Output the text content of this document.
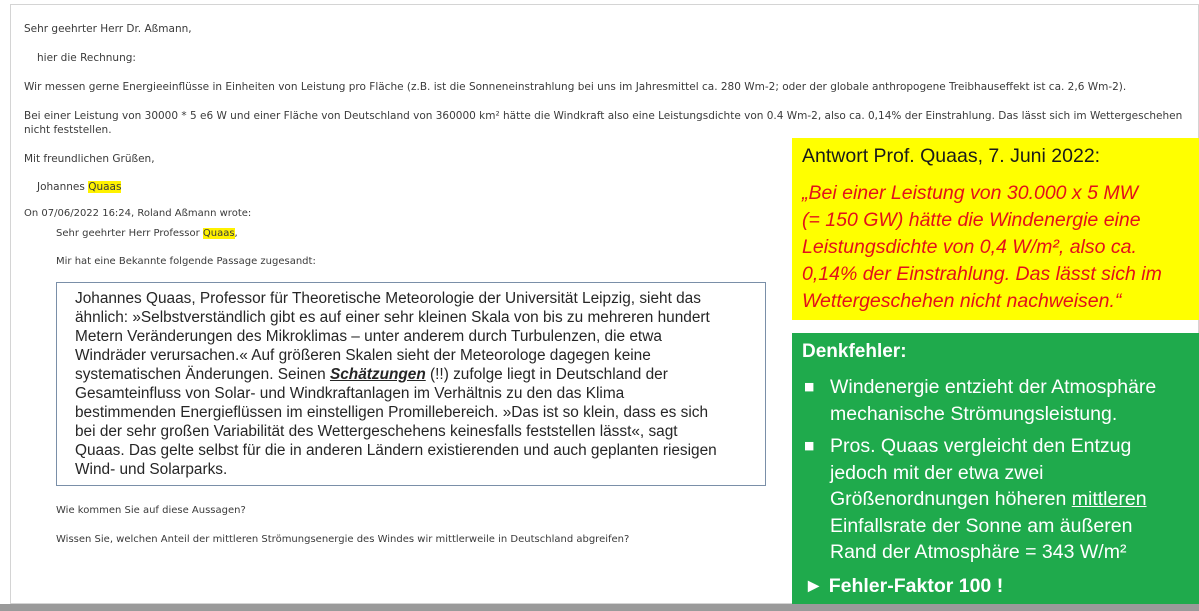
Sehr geehrter Herr Dr. Aßmann,
hier die Rechnung:
Wir messen gerne Energieeinflüsse in Einheiten von Leistung pro Fläche (z.B. ist die Sonneneinstrahlung bei uns im Jahresmittel ca. 280 Wm-2; oder der globale anthropogene Treibhauseffekt ist ca. 2,6 Wm-2).
Bei einer Leistung von 30000 * 5 e6 W und einer Fläche von Deutschland von 360000 km² hätte die Windkraft also eine Leistungsdichte von 0.4 Wm-2, also ca. 0,14% der Einstrahlung. Das lässt sich im Wettergeschehen
nicht feststellen.
Mit freundlichen Grüßen,
Johannes Quaas
On 07/06/2022 16:24, Roland Aßmann wrote:
Sehr geehrter Herr Professor Quaas,
Mir hat eine Bekannte folgende Passage zugesandt:

Johannes Quaas, Professor für Theoretische Meteorologie der Universität Leipzig, sieht das

ähnlich: »Selbstverständlich gibt es auf einer sehr kleinen Skala von bis zu mehreren hundert

Metern Veränderungen des Mikroklimas – unter anderem durch Turbulenzen, die etwa

Windräder verursachen.« Auf größeren Skalen sieht der Meteorologe dagegen keine

systematischen Änderungen. Seinen Schätzungen (!!) zufolge liegt in Deutschland der

Gesamteinfluss von Solar- und Windkraftanlagen im Verhältnis zu den das Klima

bestimmenden Energieflüssen im einstelligen Promillebereich. »Das ist so klein, dass es sich

bei der sehr großen Variabilität des Wettergeschehens keinesfalls feststellen lässt«, sagt

Quaas. Das gelte selbst für die in anderen Ländern existierenden und auch geplanten riesigen

Wind- und Solarparks.

Wie kommen Sie auf diese Aussagen?
Wissen Sie, welchen Anteil der mittleren Strömungsenergie des Windes wir mittlerweile in Deutschland abgreifen?
Antwort Prof. Quaas, 7. Juni 2022:

„Bei einer Leistung von 30.000 x 5 MW

(= 150 GW) hätte die Windenergie eine

Leistungsdichte von 0,4 W/m², also ca.

0,14% der Einstrahlung. Das lässt sich im

Wettergeschehen nicht nachweisen.“

Denkfehler:
■ Windenergie entzieht der Atmosphäre

mechanische Strömungsleistung.

■ Pros. Quaas vergleicht den Entzug

jedoch mit der etwa zwei

Größenordnungen höheren mittleren

Einfallsrate der Sonne am äußeren

Rand der Atmosphäre = 343 W/m²

► Fehler-Faktor 100 !
